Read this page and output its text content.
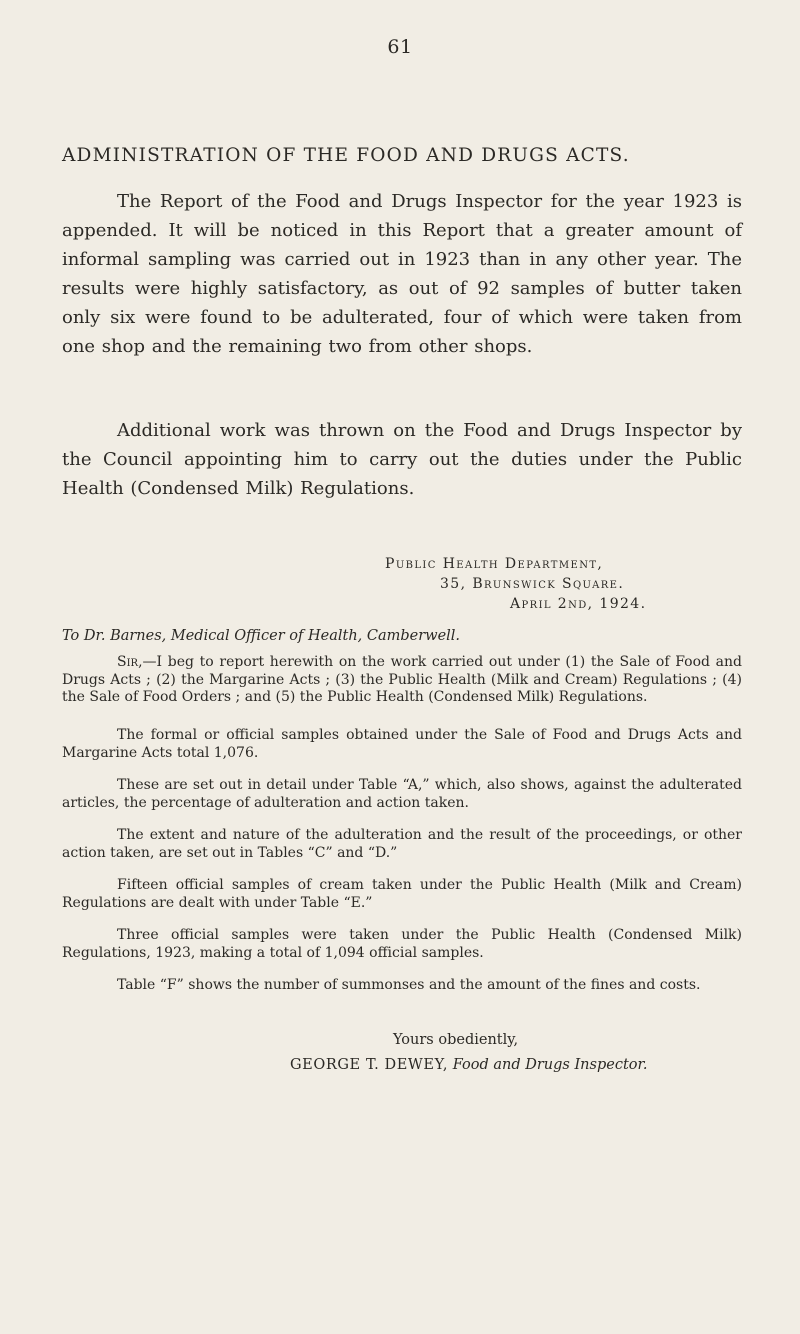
61
ADMINISTRATION OF THE FOOD AND DRUGS ACTS.

The Report of the Food and Drugs Inspector for the year 1923 is appended. It will be noticed in this Report that a greater amount of informal sampling was carried out in 1923 than in any other year. The results were highly satisfactory, as out of 92 samples of butter taken only six were found to be adulterated, four of which were taken from one shop and the remaining two from other shops.

Additional work was thrown on the Food and Drugs Inspector by the Council appointing him to carry out the duties under the Public Health (Condensed Milk) Regulations.

Public Health Department,
35, Brunswick Square.
April 2nd, 1924.
To Dr. Barnes, Medical Officer of Health, Camberwell.

Sir,—I beg to report herewith on the work carried out under (1) the Sale of Food and Drugs Acts ; (2) the Margarine Acts ; (3) the Public Health (Milk and Cream) Regulations ; (4) the Sale of Food Orders ; and (5) the Public Health (Condensed Milk) Regulations.

The formal or official samples obtained under the Sale of Food and Drugs Acts and Margarine Acts total 1,076.

These are set out in detail under Table “A,” which, also shows, against the adulterated articles, the percentage of adulteration and action taken.

The extent and nature of the adulteration and the result of the proceedings, or other action taken, are set out in Tables “C” and “D.”

Fifteen official samples of cream taken under the Public Health (Milk and Cream) Regulations are dealt with under Table “E.”

Three official samples were taken under the Public Health (Condensed Milk) Regulations, 1923, making a total of 1,094 official samples.

Table “F” shows the number of summonses and the amount of the fines and costs.

Yours obediently,
GEORGE T. DEWEY, Food and Drugs Inspector.
